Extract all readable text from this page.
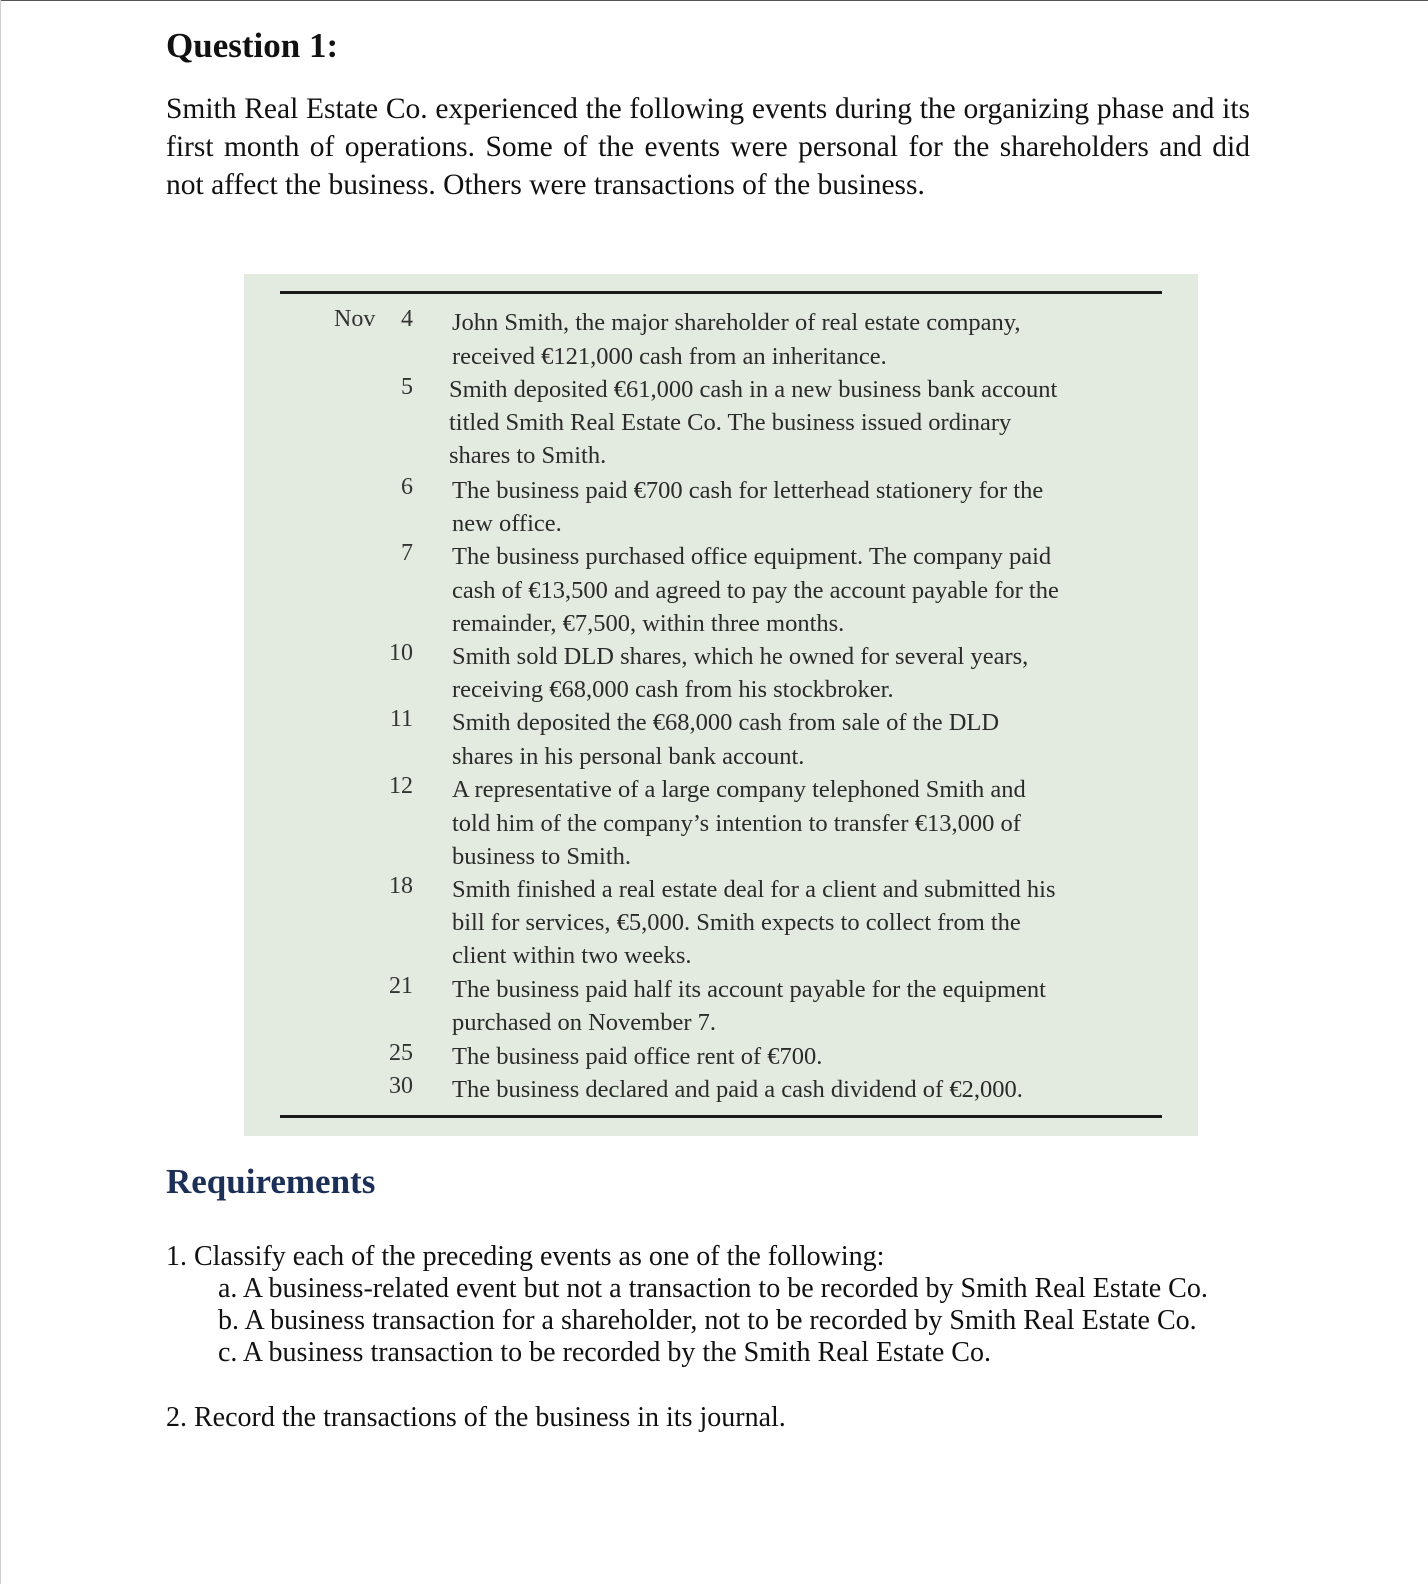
Question 1:

Smith Real Estate Co. experienced the following events during the organizing phase and its first month of operations. Some of the events were personal for the shareholders and did not affect the business. Others were transactions of the business.

Nov	4 John Smith, the major shareholder of real estate company,
received €121,000 cash from an inheritance.
5 Smith deposited €61,000 cash in a new business bank account
titled Smith Real Estate Co. The business issued ordinary
shares to Smith.
6 The business paid €700 cash for letterhead stationery for the
new office.
7 The business purchased office equipment. The company paid
cash of €13,500 and agreed to pay the account payable for the
remainder, €7,500, within three months.
10 Smith sold DLD shares, which he owned for several years,
receiving €68,000 cash from his stockbroker.
11 Smith deposited the €68,000 cash from sale of the DLD
shares in his personal bank account.
12 A representative of a large company telephoned Smith and
told him of the company’s intention to transfer €13,000 of
business to Smith.
18 Smith finished a real estate deal for a client and submitted his
bill for services, €5,000. Smith expects to collect from the
client within two weeks.
21 The business paid half its account payable for the equipment
purchased on November 7.
25 The business paid office rent of €700.
30 The business declared and paid a cash dividend of €2,000.
Requirements
1. Classify each of the preceding events as one of the following:
a. A business-related event but not a transaction to be recorded by Smith Real Estate Co.
b. A business transaction for a shareholder, not to be recorded by Smith Real Estate Co.
c. A business transaction to be recorded by the Smith Real Estate Co.
2. Record the transactions of the business in its journal.
